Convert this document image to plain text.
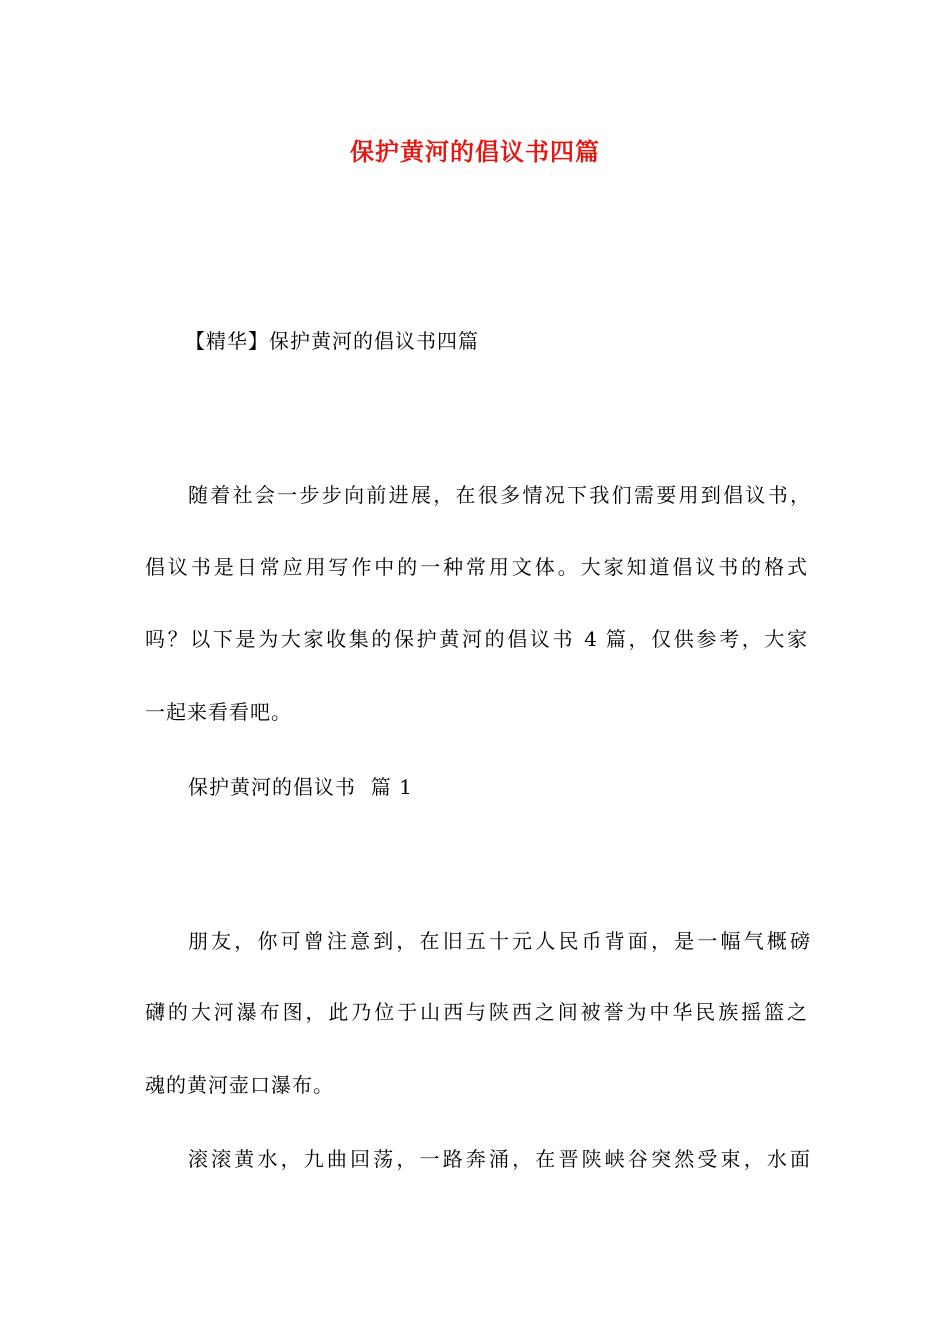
保护黄河的倡议书四篇
【精华】保护黄河的倡议书四篇
随着社会一步步向前进展，在很多情况下我们需要用到倡议书，
倡议书是日常应用写作中的一种常用文体。大家知道倡议书的格式
吗？以下是为大家收集的保护黄河的倡议书 4 篇，仅供参考，大家
一起来看看吧。
保护黄河的倡议书  篇 1
朋友，你可曾注意到，在旧五十元人民币背面，是一幅气概磅
礴的大河瀑布图，此乃位于山西与陕西之间被誉为中华民族摇篮之
魂的黄河壶口瀑布。
滚滚黄水，九曲回荡，一路奔涌，在晋陕峡谷突然受束，水面
